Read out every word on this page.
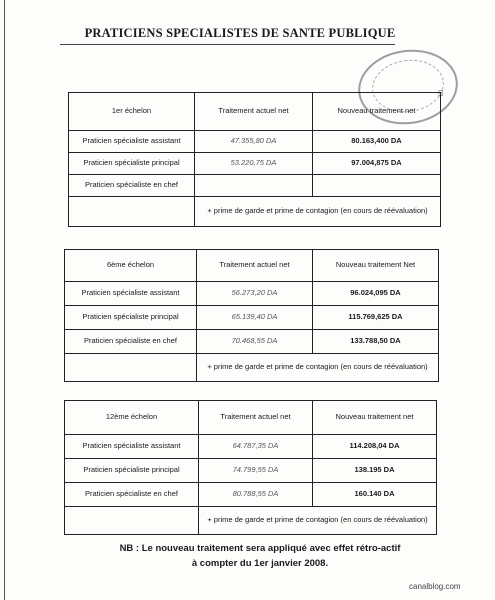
PRATICIENS SPECIALISTES DE SANTE PUBLIQUE
03
1er échelon	Traitement actuel net	Nouveau traitement net
Praticien spécialiste assistant	47.355,80 DA	80.163,400 DA
Praticien spécialiste principal	53.220,75 DA	97.004,875 DA
Praticien spécialiste en chef		
	+ prime de garde et prime de contagion (en cours de réévaluation)	
6ème échelon	Traitement actuel net	Nouveau traitement Net
Praticien spécialiste assistant	56.273,20 DA	96.024,095 DA
Praticien spécialiste principal	65.139,40 DA	115.769,625 DA
Praticien spécialiste en chef	70.468,55 DA	133.788,50 DA
	+ prime de garde et prime de contagion (en cours de réévaluation)	
12ème échelon	Traitement actuel net	Nouveau traitement net
Praticien spécialiste assistant	64.787,35 DA	114.208,04 DA
Praticien spécialiste principal	74.799,55 DA	138.195 DA
Praticien spécialiste en chef	80.788,55 DA	160.140 DA
	+ prime de garde et prime de contagion (en cours de réévaluation)	
NB : Le nouveau traitement sera appliqué avec effet rétro-actif
à compter du 1er janvier 2008.
canalblog.com
